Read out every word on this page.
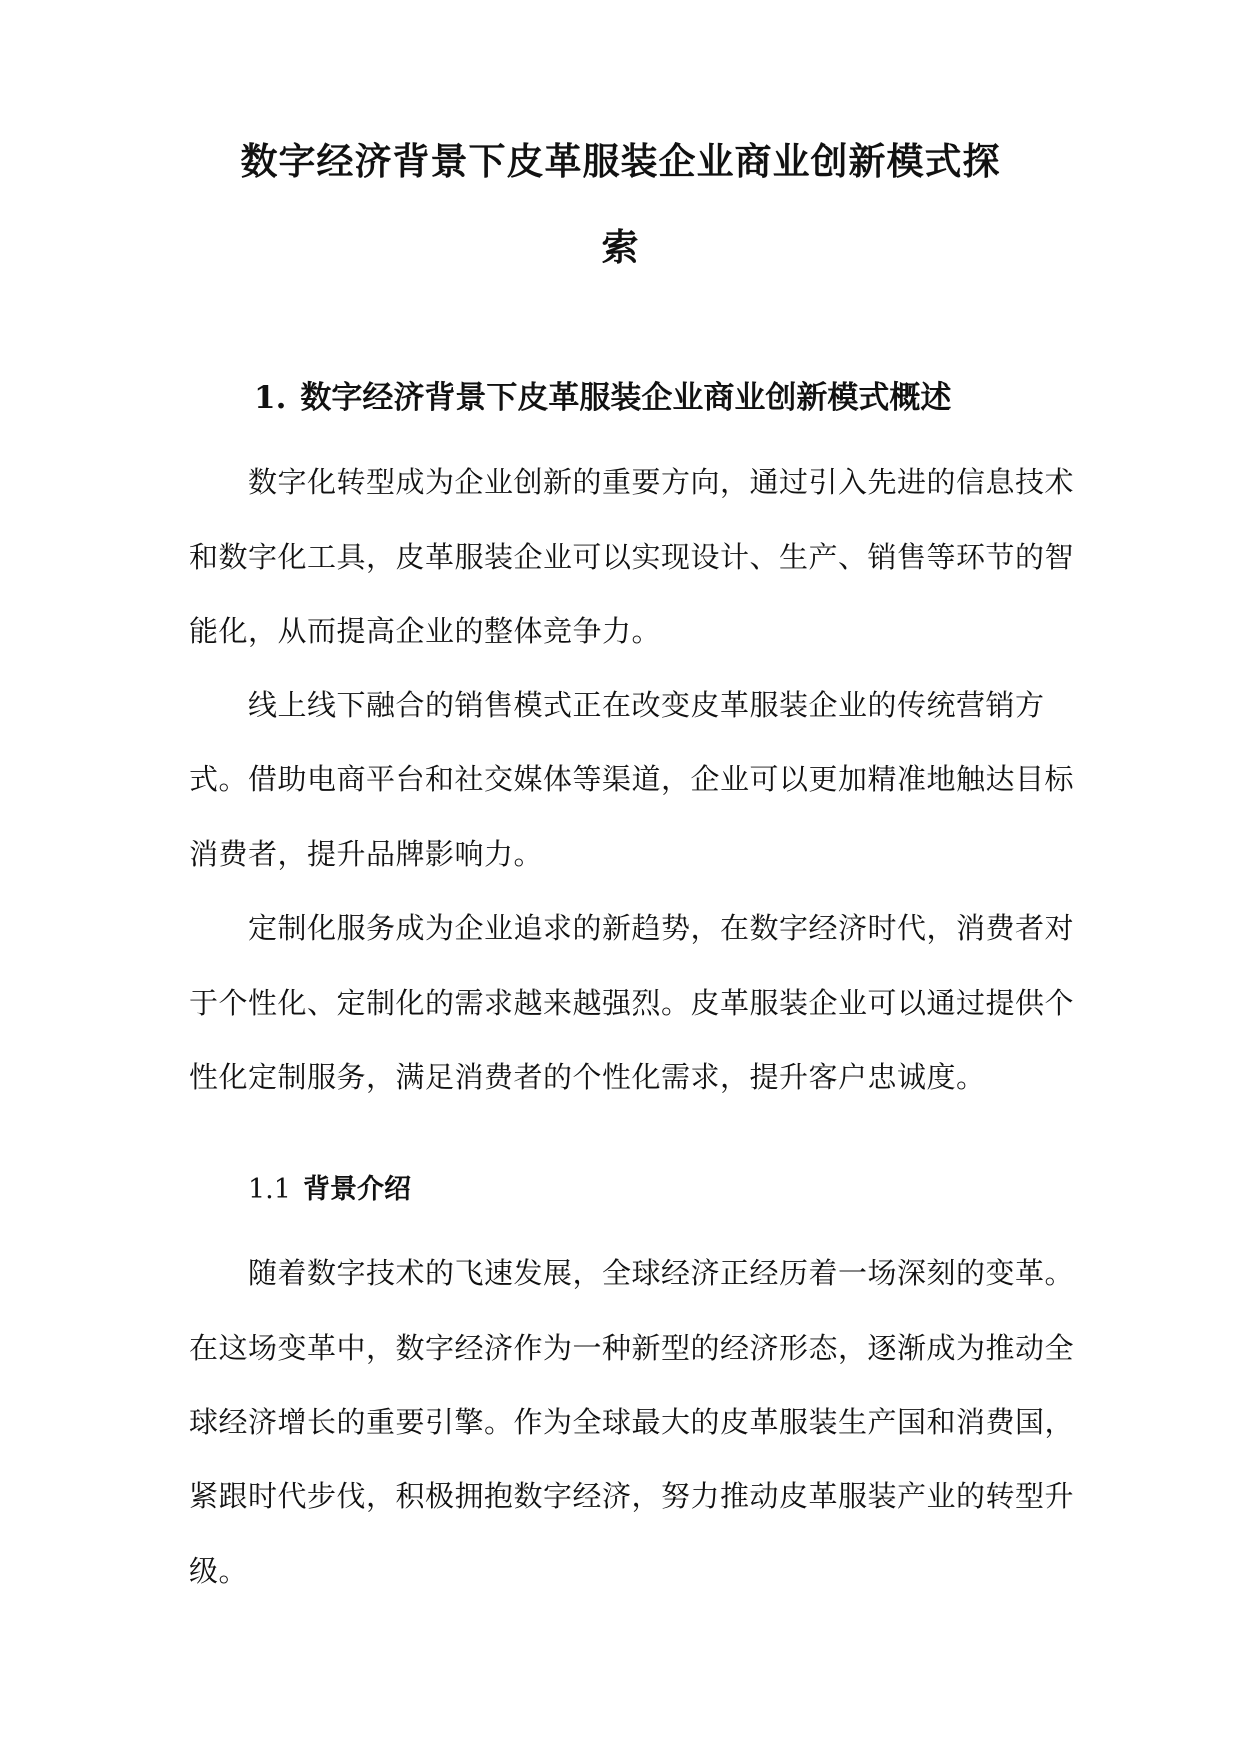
数字经济背景下皮革服装企业商业创新模式探
索
1. 数字经济背景下皮革服装企业商业创新模式概述
数字化转型成为企业创新的重要方向，通过引入先进的信息技术
和数字化工具，皮革服装企业可以实现设计、生产、销售等环节的智
能化，从而提高企业的整体竞争力。
线上线下融合的销售模式正在改变皮革服装企业的传统营销方
式。借助电商平台和社交媒体等渠道，企业可以更加精准地触达目标
消费者，提升品牌影响力。
定制化服务成为企业追求的新趋势，在数字经济时代，消费者对
于个性化、定制化的需求越来越强烈。皮革服装企业可以通过提供个
性化定制服务，满足消费者的个性化需求，提升客户忠诚度。
1.1 背景介绍
随着数字技术的飞速发展，全球经济正经历着一场深刻的变革。
在这场变革中，数字经济作为一种新型的经济形态，逐渐成为推动全
球经济增长的重要引擎。作为全球最大的皮革服装生产国和消费国，
紧跟时代步伐，积极拥抱数字经济，努力推动皮革服装产业的转型升
级。
